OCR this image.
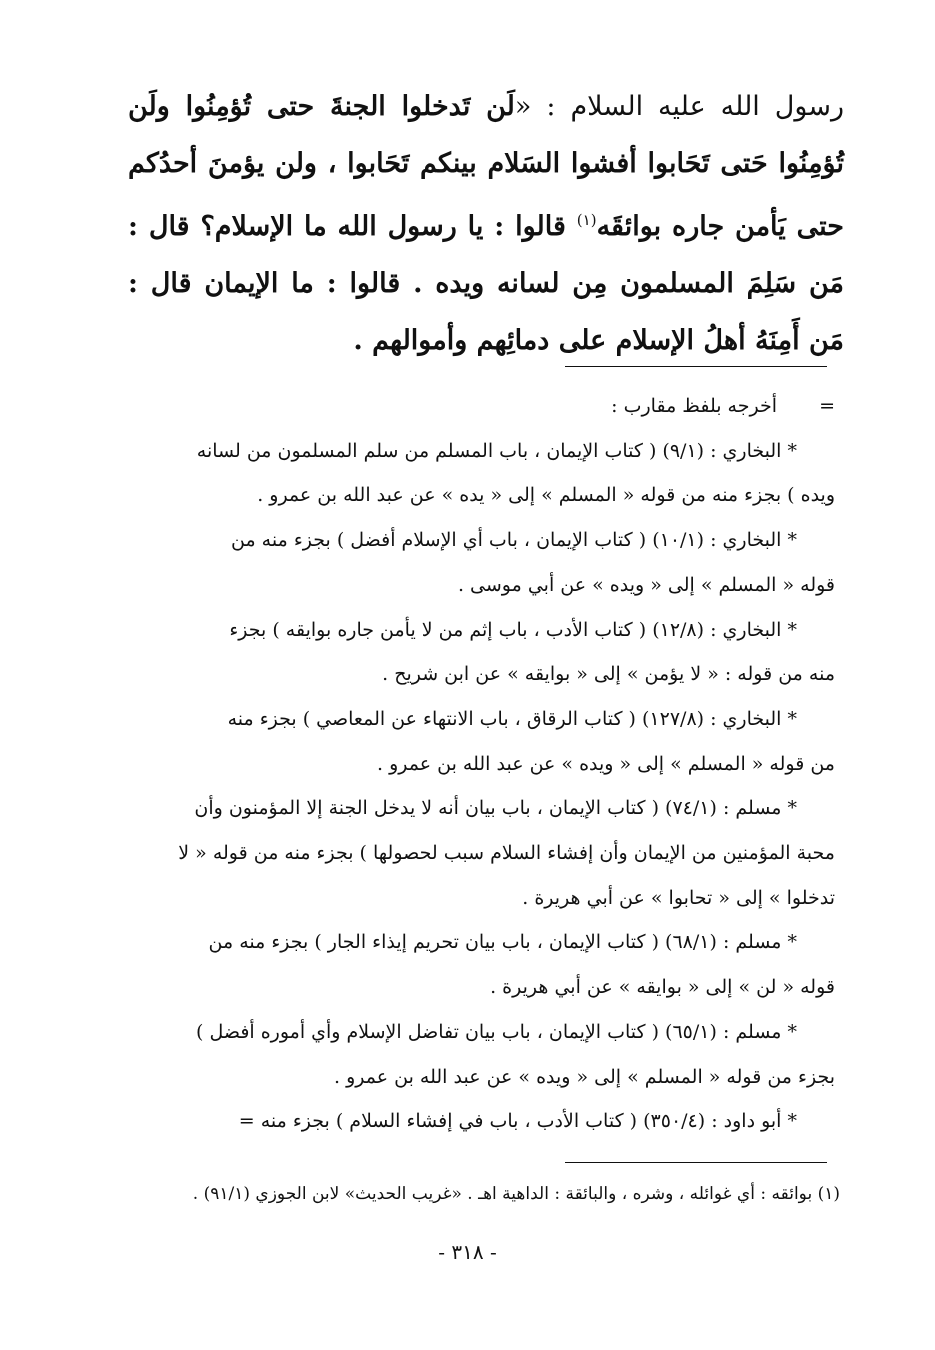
رسول الله عليه السلام : «لَن تَدخلوا الجنةَ حتى تُؤمِنُوا ولَن تُؤمِنُوا حَتى تَحَابوا أفشوا السَلام بينكم تَحَابوا ، ولن يؤمنَ أحدُكم حتى يَأمن جاره بوائقَه$^{(١)}$ قالوا : يا رسول الله ما الإسلام؟ قال : مَن سَلِمَ المسلمون مِن لسانه ويده . قالوا : ما الإيمان قال : مَن أَمِنَهُ أهلُ الإسلام على دمائِهم وأموالهم .
=أخرجه بلفظ مقارب :
* البخاري : (٩/١) ( كتاب الإيمان ، باب المسلم من سلم المسلمون من لسانه
ويده ) بجزء منه من قوله « المسلم » إلى « يده » عن عبد الله بن عمرو .
* البخاري : (١٠/١) ( كتاب الإيمان ، باب أي الإسلام أفضل ) بجزء منه من
قوله « المسلم » إلى « ويده » عن أبي موسى .
* البخاري : (١٢/٨) ( كتاب الأدب ، باب إثم من لا يأمن جاره بوايقه ) بجزء
منه من قوله : « لا يؤمن » إلى « بوايقه » عن ابن شريح .
* البخاري : (١٢٧/٨) ( كتاب الرقاق ، باب الانتهاء عن المعاصي ) بجزء منه
من قوله « المسلم » إلى « ويده » عن عبد الله بن عمرو .
* مسلم : (٧٤/١) ( كتاب الإيمان ، باب بيان أنه لا يدخل الجنة إلا المؤمنون وأن
محبة المؤمنين من الإيمان وأن إفشاء السلام سبب لحصولها ) بجزء منه من قوله « لا
تدخلوا » إلى « تحابوا » عن أبي هريرة .
* مسلم : (٦٨/١) ( كتاب الإيمان ، باب بيان تحريم إيذاء الجار ) بجزء منه من
قوله « لن » إلى « بوايقه » عن أبي هريرة .
* مسلم : (٦٥/١) ( كتاب الإيمان ، باب بيان تفاضل الإسلام وأي أموره أفضل )
بجزء من قوله « المسلم » إلى « ويده » عن عبد الله بن عمرو .
* أبو داود : (٣٥٠/٤) ( كتاب الأدب ، باب في إفشاء السلام ) بجزء منه =
(١) بوائقه : أي غوائله ، وشره ، والبائقة : الداهية اهـ . «غريب الحديث» لابن الجوزي (٩١/١) .
- ٣١٨ -
